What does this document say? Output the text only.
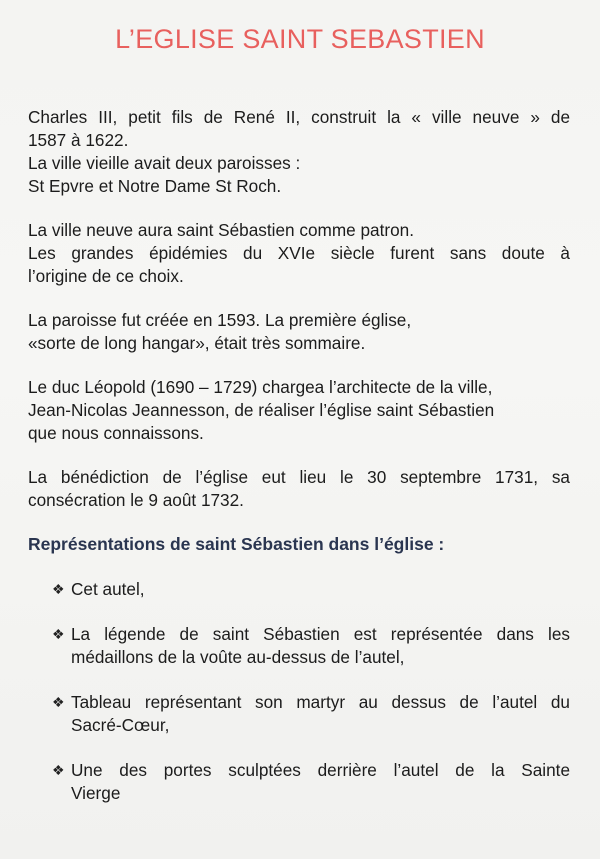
L’EGLISE SAINT SEBASTIEN

Charles III, petit fils de René II, construit la « ville neuve » de
1587 à 1622.
La ville vieille avait deux paroisses :
St Epvre et Notre Dame St Roch.

La ville neuve aura saint Sébastien comme patron.
Les grandes épidémies du XVIe siècle furent sans doute à
l’origine de ce choix.

La paroisse fut créée en 1593. La première église,
«sorte de long hangar», était très sommaire.

Le duc Léopold (1690 – 1729) chargea l’architecte de la ville,
Jean-Nicolas Jeannesson, de réaliser l’église saint Sébastien
que nous connaissons.

La bénédiction de l’église eut lieu le 30 septembre 1731, sa
consécration le 9 août 1732.

Représentations de saint Sébastien dans l’église :
❖ Cet autel,
❖ La légende de saint Sébastien est représentée dans les
médaillons de la voûte au-dessus de l’autel,
❖ Tableau représentant son martyr au dessus de l’autel du
Sacré-Cœur,
❖ Une des portes sculptées derrière l’autel de la Sainte
Vierge
